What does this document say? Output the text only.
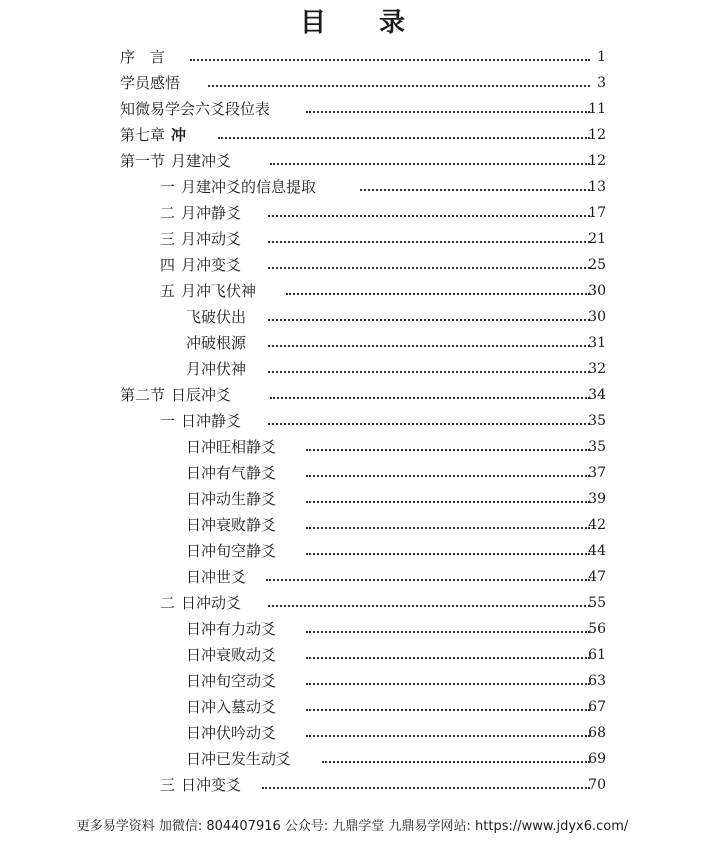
目 录
序　言	1
学员感悟	3
知微易学会六爻段位表	11
第七章 冲	12
第一节 月建冲爻	12
一 月建冲爻的信息提取	13
二 月冲静爻	17
三 月冲动爻	21
四 月冲变爻	25
五 月冲飞伏神	30
飞破伏出	30
冲破根源	31
月冲伏神	32
第二节 日辰冲爻	34
一 日冲静爻	35
日冲旺相静爻	35
日冲有气静爻	37
日冲动生静爻	39
日冲衰败静爻	42
日冲旬空静爻	44
日冲世爻	47
二 日冲动爻	55
日冲有力动爻	56
日冲衰败动爻	61
日冲旬空动爻	63
日冲入墓动爻	67
日冲伏吟动爻	68
日冲已发生动爻	69
三 日冲变爻	70
更多易学资料 加微信: 804407916 公众号: 九鼎学堂 九鼎易学网站: https://www.jdyx6.com/
